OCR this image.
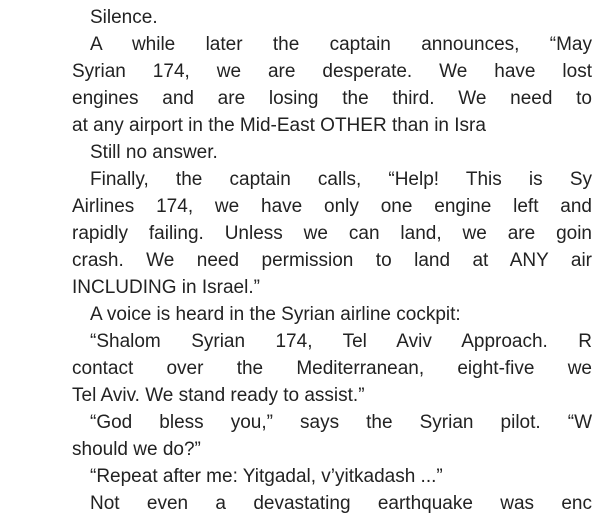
Silence.
A while later the captain announces, “May
Syrian 174, we are desperate. We have lost
engines and are losing the third. We need to
at any airport in the Mid-East OTHER than in Isra
Still no answer.
Finally, the captain calls, “Help! This is Sy
Airlines 174, we have only one engine left and
rapidly failing. Unless we can land, we are goin
crash. We need permission to land at ANY air
INCLUDING in Israel.”
A voice is heard in the Syrian airline cockpit:
“Shalom Syrian 174, Tel Aviv Approach. R
contact over the Mediterranean, eight-five we
Tel Aviv. We stand ready to assist.”
“God bless you,” says the Syrian pilot. “W
should we do?”
“Repeat after me: Yitgadal, v’yitkadash ...”
Not even a devastating earthquake was enc
